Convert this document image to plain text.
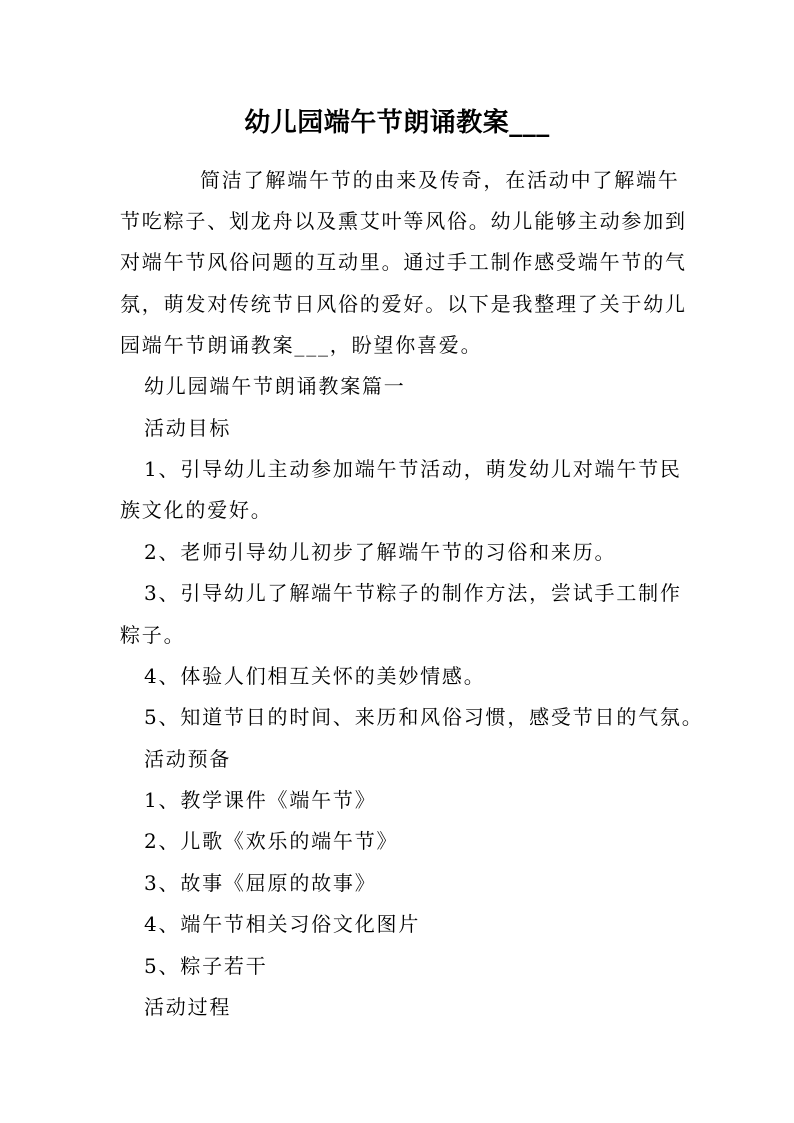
幼儿园端午节朗诵教案___
简洁了解端午节的由来及传奇，在活动中了解端午
节吃粽子、划龙舟以及熏艾叶等风俗。幼儿能够主动参加到
对端午节风俗问题的互动里。通过手工制作感受端午节的气
氛，萌发对传统节日风俗的爱好。以下是我整理了关于幼儿
园端午节朗诵教案___，盼望你喜爱。
幼儿园端午节朗诵教案篇一
活动目标
1、引导幼儿主动参加端午节活动，萌发幼儿对端午节民
族文化的爱好。
2、老师引导幼儿初步了解端午节的习俗和来历。
3、引导幼儿了解端午节粽子的制作方法，尝试手工制作
粽子。
4、体验人们相互关怀的美妙情感。
5、知道节日的时间、来历和风俗习惯，感受节日的气氛。
活动预备
1、教学课件《端午节》
2、儿歌《欢乐的端午节》
3、故事《屈原的故事》
4、端午节相关习俗文化图片
5、粽子若干
活动过程
